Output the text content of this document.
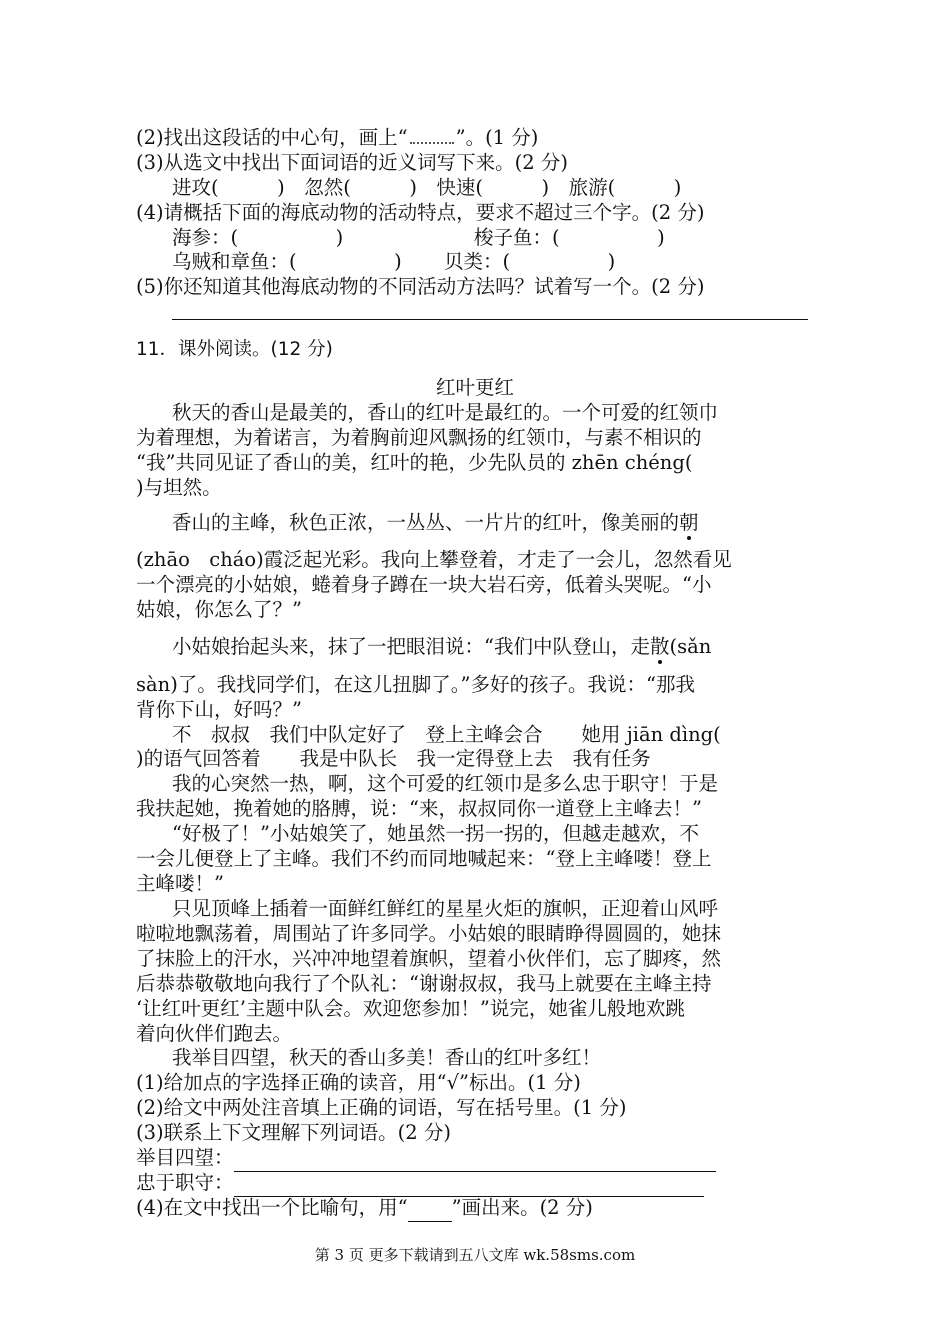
(2)找出这段话的中心句，画上“ ”。(1 分)
(3)从选文中找出下面词语的近义词写下来。(2 分)
进攻(　　　)　忽然(　　　)　快速(　　　)　旅游(　　　)
(4)请概括下面的海底动物的活动特点，要求不超过三个字。(2 分)
海参：(　　　　　)	梭子鱼：(　　　　　)
乌贼和章鱼：(　　　　　) 贝类：(　　　　　)
(5)你还知道其他海底动物的不同活动方法吗？试着写一个。(2 分)
11．课外阅读。(12 分)
红叶更红
秋天的香山是最美的，香山的红叶是最红的。一个可爱的红领巾
为着理想，为着诺言，为着胸前迎风飘扬的红领巾，与素不相识的
“我”共同见证了香山的美，红叶的艳，少先队员的 zhēn chéng(
)与坦然。
香山的主峰，秋色正浓，一丛丛、一片片的红叶，像美丽的朝
(zhāo　cháo)霞泛起光彩。我向上攀登着，才走了一会儿，忽然看见
一个漂亮的小姑娘，蜷着身子蹲在一块大岩石旁，低着头哭呢。“小
姑娘，你怎么了？”
小姑娘抬起头来，抹了一把眼泪说：“我们中队登山，走散(sǎn
sàn)了。我找同学们，在这儿扭脚了。”多好的孩子。我说：“那我
背你下山，好吗？”
不　叔叔　我们中队定好了　登上主峰会合　　她用 jiān dìng(
)的语气回答着　　我是中队长　我一定得登上去　我有任务
我的心突然一热，啊，这个可爱的红领巾是多么忠于职守！于是
我扶起她，挽着她的胳膊，说：“来，叔叔同你一道登上主峰去！”
“好极了！”小姑娘笑了，她虽然一拐一拐的，但越走越欢，不
一会儿便登上了主峰。我们不约而同地喊起来：“登上主峰喽！登上
主峰喽！”
只见顶峰上插着一面鲜红鲜红的星星火炬的旗帜，正迎着山风呼
啦啦地飘荡着，周围站了许多同学。小姑娘的眼睛睁得圆圆的，她抹
了抹脸上的汗水，兴冲冲地望着旗帜，望着小伙伴们，忘了脚疼，然
后恭恭敬敬地向我行了个队礼：“谢谢叔叔，我马上就要在主峰主持
‘让红叶更红’主题中队会。欢迎您参加！”说完，她雀儿般地欢跳
着向伙伴们跑去。
我举目四望，秋天的香山多美！香山的红叶多红！
(1)给加点的字选择正确的读音，用“√”标出。(1 分)
(2)给文中两处注音填上正确的词语，写在括号里。(1 分)
(3)联系上下文理解下列词语。(2 分)
举目四望：
忠于职守：
(4)在文中找出一个比喻句，用“ ”画出来。(2 分)
第 3 页 更多下载请到五八文库 wk.58sms.com
